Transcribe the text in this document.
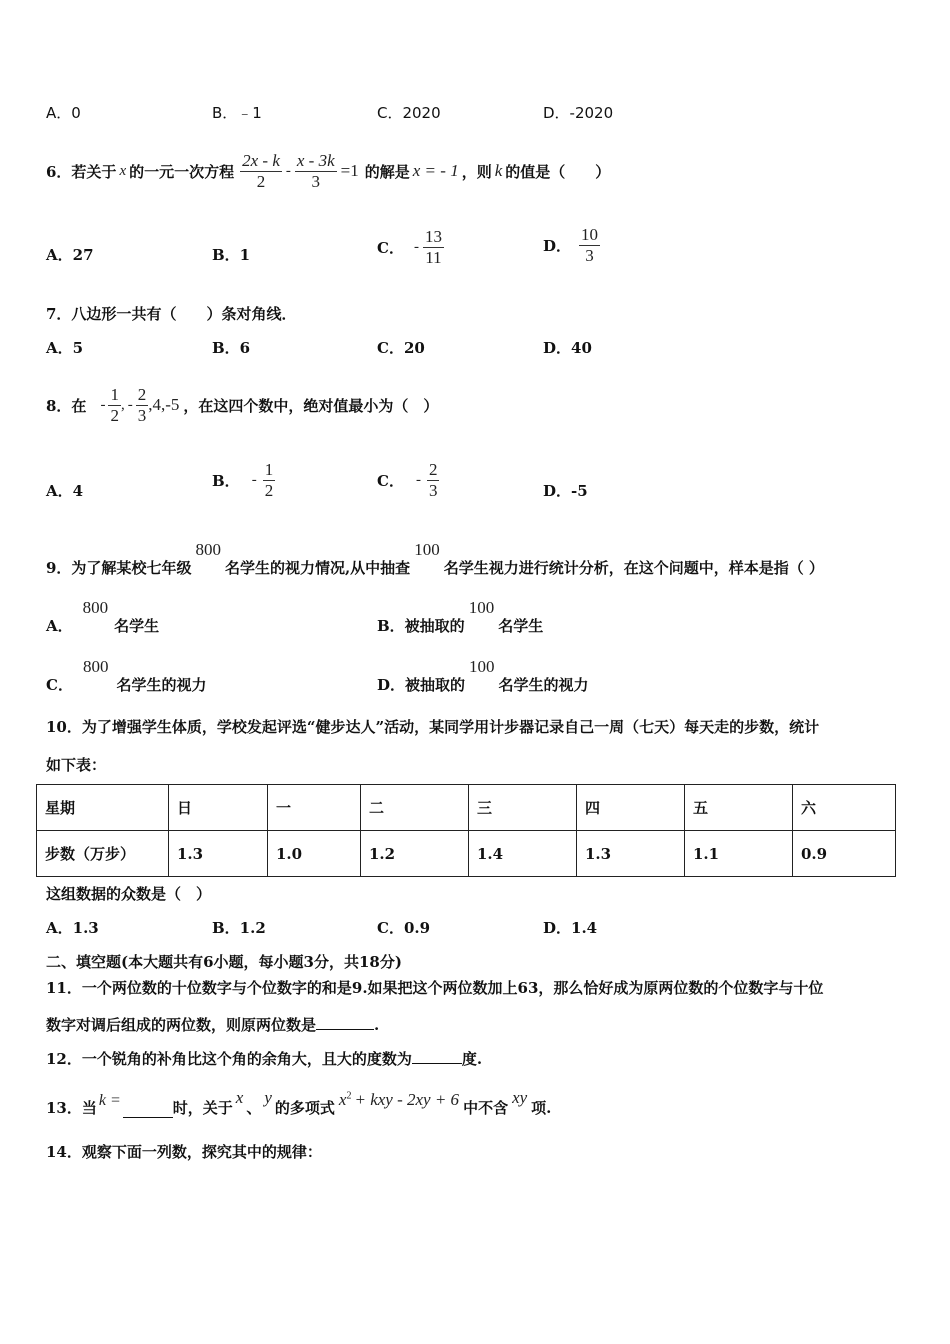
A．0	B．﹣1	C．2020	D．-2020
6．若关于 x 的一元一次方程 $\frac{2x - k}{2} - \frac{x - 3k}{3} =1$ 的解是 x = - 1 ，则 k 的值是（　　）
A．27	B．1	C． - $\frac{13}{11}$	D． $\frac{10}{3}$
7．八边形一共有（　　）条对角线．
A．5	B．6	C．20	D．40
8．在 - $\frac{1}{2}$ , - $\frac{2}{3} ,4,-5$ ，在这四个数中，绝对值最小为（　）
A．4
B． - $\frac{1}{2}$	C． - $\frac{2}{3}$	D．-5
9．为了解某校七年级
800
名学生的视力情况,从中抽查
100
名学生视力进行统计分析，在这个问题中，样本是指（ ）
A．
800
名学生	B．被抽取的
100
名学生
C．
800
名学生的视力	D．被抽取的
100
名学生的视力
10．为了增强学生体质，学校发起评选“健步达人”活动，某同学用计步器记录自己一周（七天）每天走的步数，统计
如下表：
星期	日	一	二	三	四	五	六
步数（万步）	1.3	1.0	1.2	1.4	1.3	1.1	0.9
这组数据的众数是（　）
A．1.3	B．1.2	C．0.9	D．1.4
二、填空题(本大题共有6小题，每小题3分，共18分)
11．一个两位数的十位数字与个位数字的和是9.如果把这个两位数加上63，那么恰好成为原两位数的个位数字与十位
数字对调后组成的两位数，则原两位数是	.
12．一个锐角的补角比这个角的余角大，且大的度数为	度.
13．当 k =	时，关于
x
、
y
的多项式 $x^2$ + kxy - 2xy + 6 中不含
xy
项.
14．观察下面一列数，探究其中的规律：
